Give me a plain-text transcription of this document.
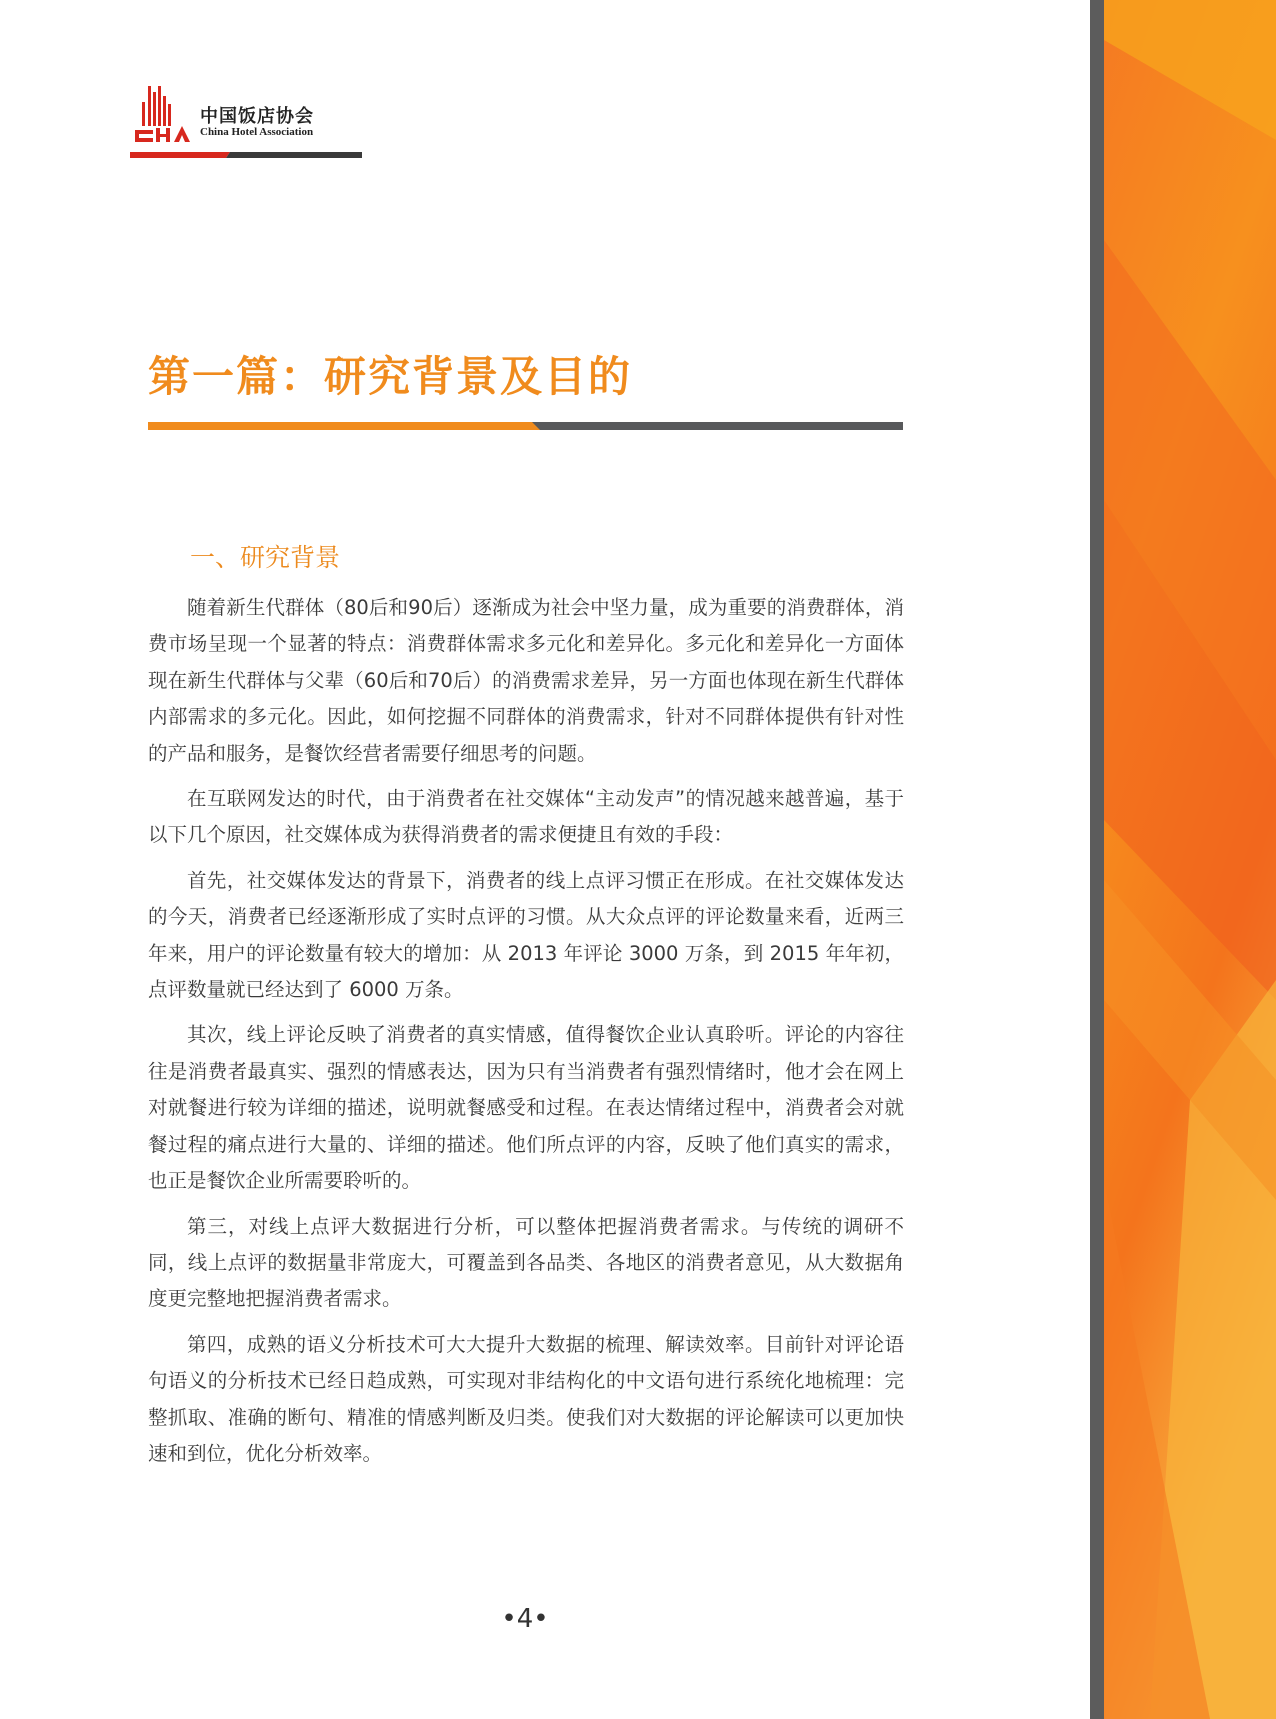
中国饭店协会
China Hotel Association
第一篇：研究背景及目的
一、研究背景

随着新生代群体（80后和90后）逐渐成为社会中坚力量，成为重要的消费群体，消费市场呈现一个显著的特点：消费群体需求多元化和差异化。多元化和差异化一方面体现在新生代群体与父辈（60后和70后）的消费需求差异，另一方面也体现在新生代群体内部需求的多元化。因此，如何挖掘不同群体的消费需求，针对不同群体提供有针对性的产品和服务，是餐饮经营者需要仔细思考的问题。

在互联网发达的时代，由于消费者在社交媒体“主动发声”的情况越来越普遍，基于以下几个原因，社交媒体成为获得消费者的需求便捷且有效的手段：

首先，社交媒体发达的背景下，消费者的线上点评习惯正在形成。在社交媒体发达的今天，消费者已经逐渐形成了实时点评的习惯。从大众点评的评论数量来看，近两三年来，用户的评论数量有较大的增加：从 2013 年评论 3000 万条，到 2015 年年初，点评数量就已经达到了 6000 万条。

其次，线上评论反映了消费者的真实情感，值得餐饮企业认真聆听。评论的内容往往是消费者最真实、强烈的情感表达，因为只有当消费者有强烈情绪时，他才会在网上对就餐进行较为详细的描述，说明就餐感受和过程。在表达情绪过程中，消费者会对就餐过程的痛点进行大量的、详细的描述。他们所点评的内容，反映了他们真实的需求，也正是餐饮企业所需要聆听的。

第三，对线上点评大数据进行分析，可以整体把握消费者需求。与传统的调研不同，线上点评的数据量非常庞大，可覆盖到各品类、各地区的消费者意见，从大数据角度更完整地把握消费者需求。

第四，成熟的语义分析技术可大大提升大数据的梳理、解读效率。目前针对评论语句语义的分析技术已经日趋成熟，可实现对非结构化的中文语句进行系统化地梳理：完整抓取、准确的断句、精准的情感判断及归类。使我们对大数据的评论解读可以更加快速和到位，优化分析效率。

•4•
